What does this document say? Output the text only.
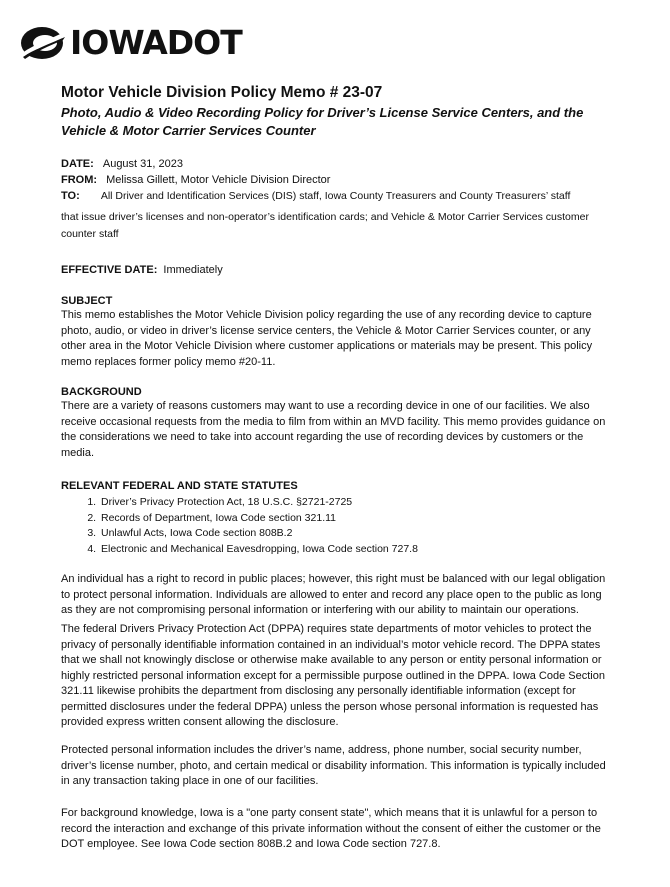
IOWADOT
Motor Vehicle Division Policy Memo # 23-07
Photo, Audio & Video Recording Policy for Driver’s License Service Centers, and the Vehicle & Motor Carrier Services Counter
DATE: August 31, 2023
FROM: Melissa Gillett, Motor Vehicle Division Director
TO: All Driver and Identification Services (DIS) staff, Iowa County Treasurers and County Treasurers’ staff
that issue driver’s licenses and non-operator’s identification cards; and Vehicle & Motor Carrier Services customer counter staff
EFFECTIVE DATE: Immediately
SUBJECT

This memo establishes the Motor Vehicle Division policy regarding the use of any recording device to capture photo, audio, or video in driver’s license service centers, the Vehicle & Motor Carrier Services counter, or any other area in the Motor Vehicle Division where customer applications or materials may be present. This policy memo replaces former policy memo #20-11.

BACKGROUND

There are a variety of reasons customers may want to use a recording device in one of our facilities. We also receive occasional requests from the media to film from within an MVD facility. This memo provides guidance on the considerations we need to take into account regarding the use of recording devices by customers or the media.

RELEVANT FEDERAL AND STATE STATUTES
1. Driver’s Privacy Protection Act, 18 U.S.C. §2721-2725
2. Records of Department, Iowa Code section 321.11
3. Unlawful Acts, Iowa Code section 808B.2
4. Electronic and Mechanical Eavesdropping, Iowa Code section 727.8

An individual has a right to record in public places; however, this right must be balanced with our legal obligation to protect personal information. Individuals are allowed to enter and record any place open to the public as long as they are not compromising personal information or interfering with our ability to maintain our operations.

The federal Drivers Privacy Protection Act (DPPA) requires state departments of motor vehicles to protect the privacy of personally identifiable information contained in an individual’s motor vehicle record. The DPPA states that we shall not knowingly disclose or otherwise make available to any person or entity personal information or highly restricted personal information except for a permissible purpose outlined in the DPPA. Iowa Code Section 321.11 likewise prohibits the department from disclosing any personally identifiable information (except for permitted disclosures under the federal DPPA) unless the person whose personal information is requested has provided express written consent allowing the disclosure.

Protected personal information includes the driver’s name, address, phone number, social security number, driver’s license number, photo, and certain medical or disability information. This information is typically included in any transaction taking place in one of our facilities.

For background knowledge, Iowa is a "one party consent state", which means that it is unlawful for a person to record the interaction and exchange of this private information without the consent of either the customer or the DOT employee. See Iowa Code section 808B.2 and Iowa Code section 727.8.
